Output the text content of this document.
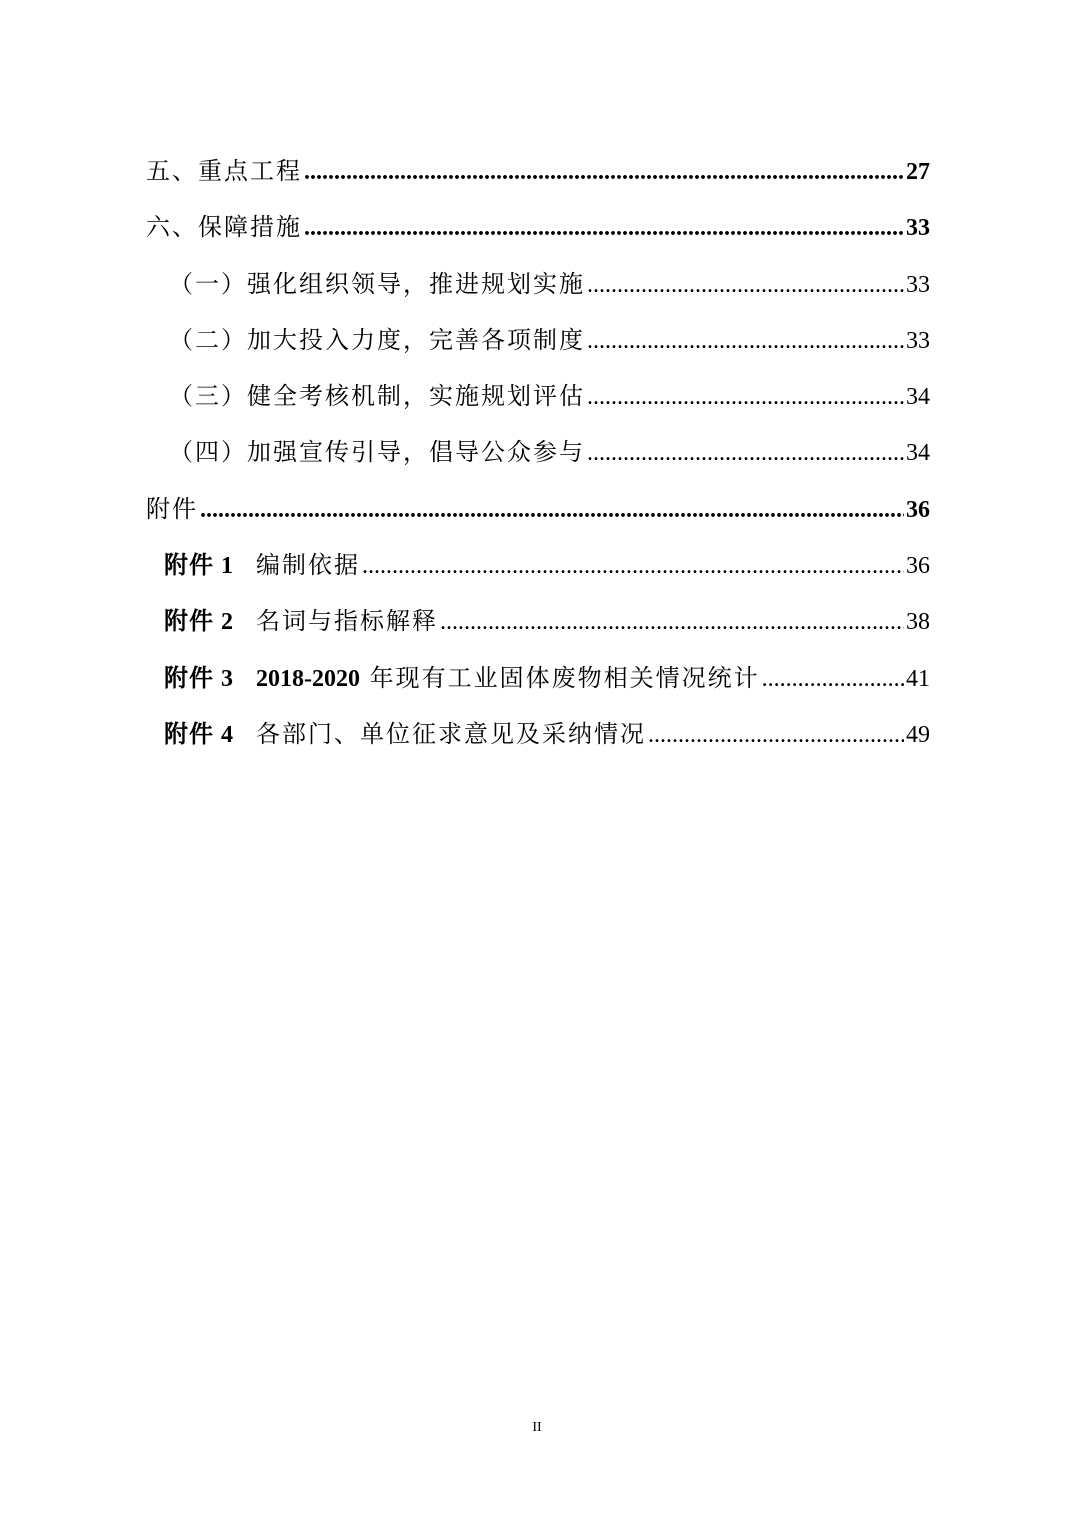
五、重点工程 .....	27
六、保障措施 .....	33
（一）强化组织领导，推进规划实施 .....	33
（二）加大投入力度，完善各项制度 .....	33
（三）健全考核机制，实施规划评估 .....	34
（四）加强宣传引导，倡导公众参与 .....	34
附件 .....	36
附件 1 编制依据 .....	36
附件 2 名词与指标解释 .....	38
附件 3 2018-2020 年现有工业固体废物相关情况统计 .....	41
附件 4 各部门、单位征求意见及采纳情况 .....	49
II
